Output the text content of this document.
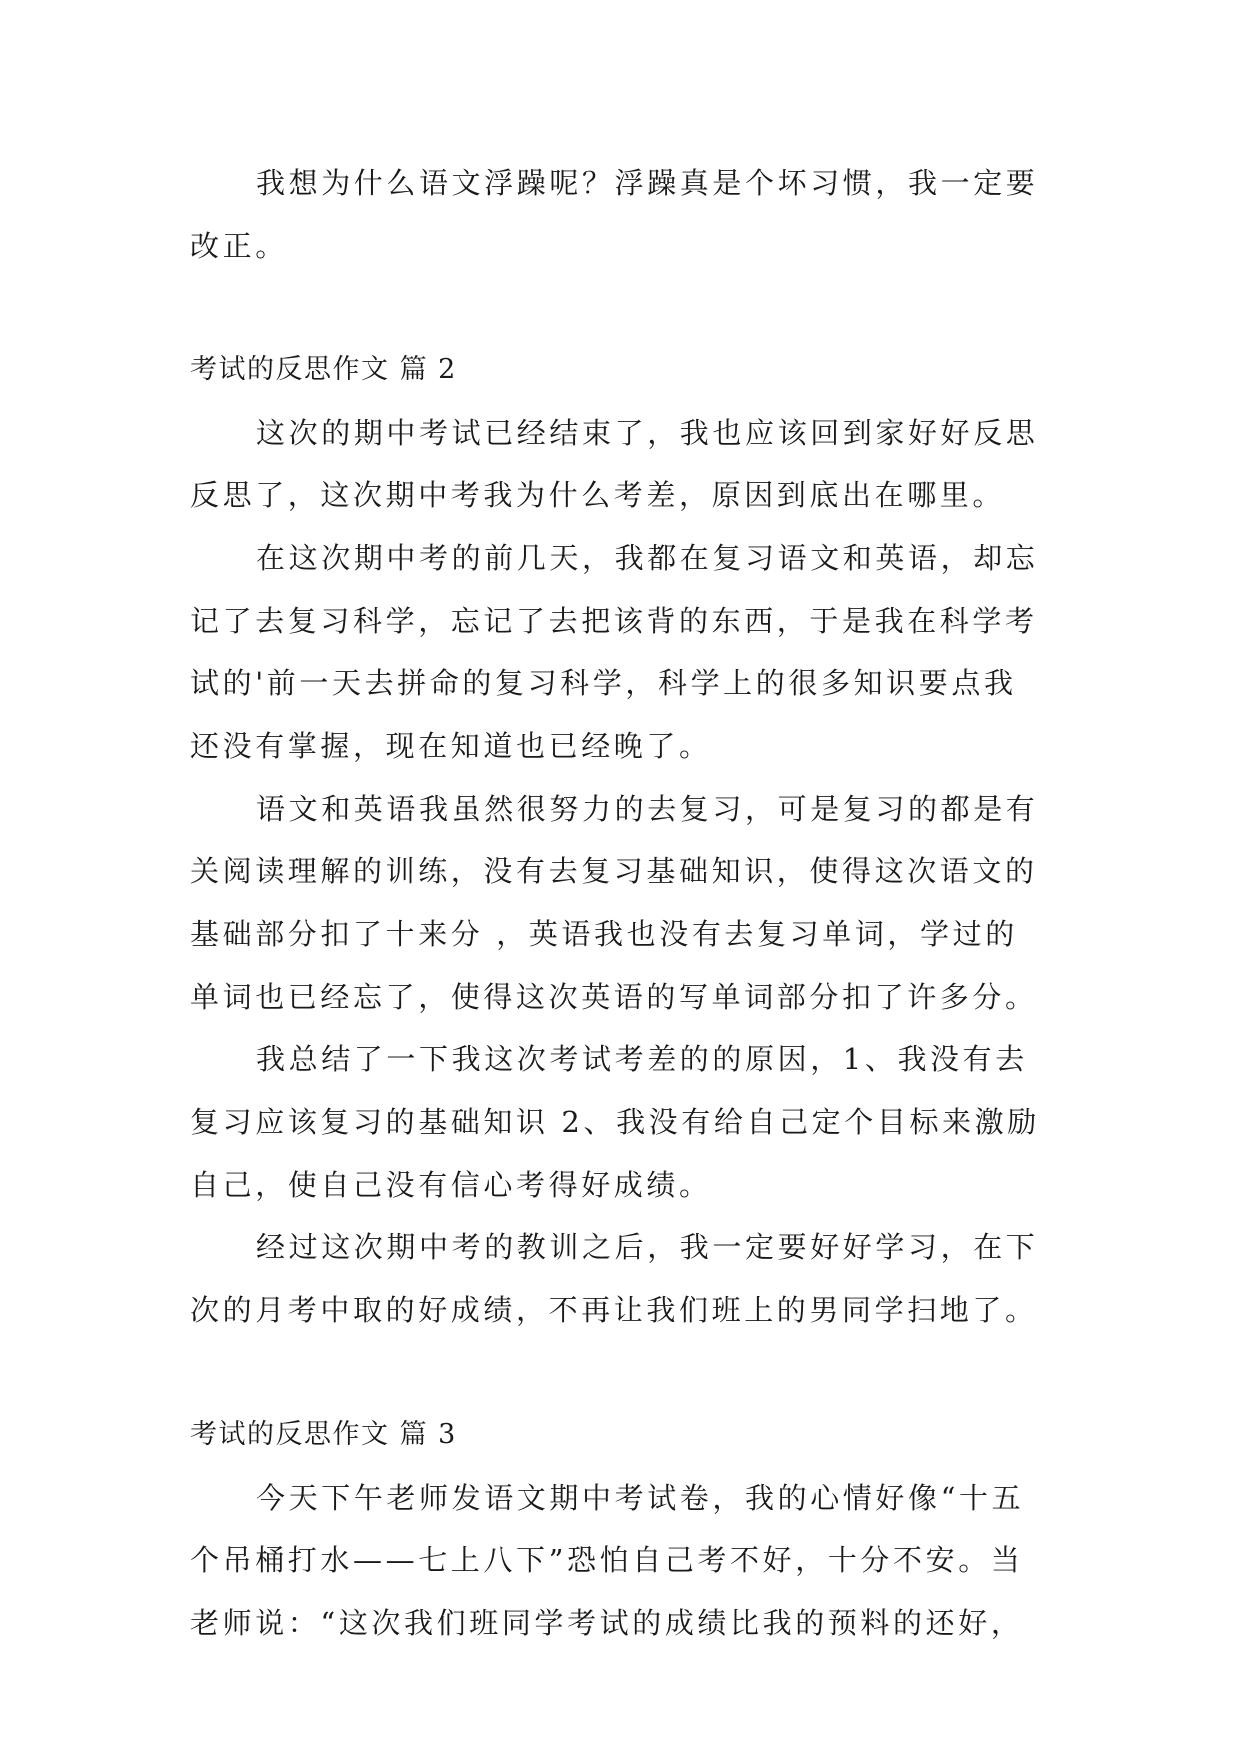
我想为什么语文浮躁呢？浮躁真是个坏习惯，我一定要
改正。
考试的反思作文 篇 2
这次的期中考试已经结束了，我也应该回到家好好反思
反思了，这次期中考我为什么考差，原因到底出在哪里。
在这次期中考的前几天，我都在复习语文和英语，却忘
记了去复习科学，忘记了去把该背的东西，于是我在科学考
试的'前一天去拼命的复习科学，科学上的很多知识要点我
还没有掌握，现在知道也已经晚了。
语文和英语我虽然很努力的去复习，可是复习的都是有
关阅读理解的训练，没有去复习基础知识，使得这次语文的
基础部分扣了十来分 ，英语我也没有去复习单词，学过的
单词也已经忘了，使得这次英语的写单词部分扣了许多分。
我总结了一下我这次考试考差的的原因，1、我没有去
复习应该复习的基础知识 2、我没有给自己定个目标来激励
自己，使自己没有信心考得好成绩。
经过这次期中考的教训之后，我一定要好好学习，在下
次的月考中取的好成绩，不再让我们班上的男同学扫地了。
考试的反思作文 篇 3
今天下午老师发语文期中考试卷，我的心情好像“十五
个吊桶打水——七上八下”恐怕自己考不好，十分不安。当
老师说：“这次我们班同学考试的成绩比我的预料的还好，
